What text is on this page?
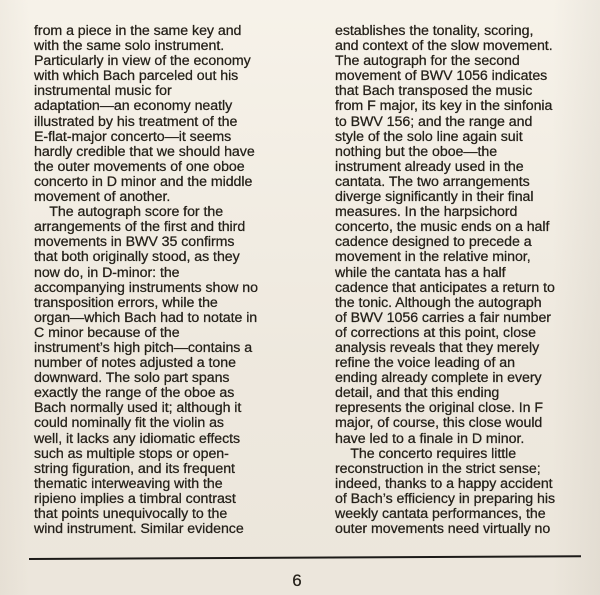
from a piece in the same key and
with the same solo instrument.
Particularly in view of the economy
with which Bach parceled out his
instrumental music for
adaptation—an economy neatly
illustrated by his treatment of the
E-flat-major concerto—it seems
hardly credible that we should have
the outer movements of one oboe
concerto in D minor and the middle
movement of another.
The autograph score for the
arrangements of the first and third
movements in BWV 35 confirms
that both originally stood, as they
now do, in D-minor: the
accompanying instruments show no
transposition errors, while the
organ—which Bach had to notate in
C minor because of the
instrument’s high pitch—contains a
number of notes adjusted a tone
downward. The solo part spans
exactly the range of the oboe as
Bach normally used it; although it
could nominally fit the violin as
well, it lacks any idiomatic effects
such as multiple stops or open-
string figuration, and its frequent
thematic interweaving with the
ripieno implies a timbral contrast
that points unequivocally to the
wind instrument. Similar evidence
establishes the tonality, scoring,
and context of the slow movement.
The autograph for the second
movement of BWV 1056 indicates
that Bach transposed the music
from F major, its key in the sinfonia
to BWV 156; and the range and
style of the solo line again suit
nothing but the oboe—the
instrument already used in the
cantata. The two arrangements
diverge significantly in their final
measures. In the harpsichord
concerto, the music ends on a half
cadence designed to precede a
movement in the relative minor,
while the cantata has a half
cadence that anticipates a return to
the tonic. Although the autograph
of BWV 1056 carries a fair number
of corrections at this point, close
analysis reveals that they merely
refine the voice leading of an
ending already complete in every
detail, and that this ending
represents the original close. In F
major, of course, this close would
have led to a finale in D minor.
The concerto requires little
reconstruction in the strict sense;
indeed, thanks to a happy accident
of Bach’s efficiency in preparing his
weekly cantata performances, the
outer movements need virtually no
6
